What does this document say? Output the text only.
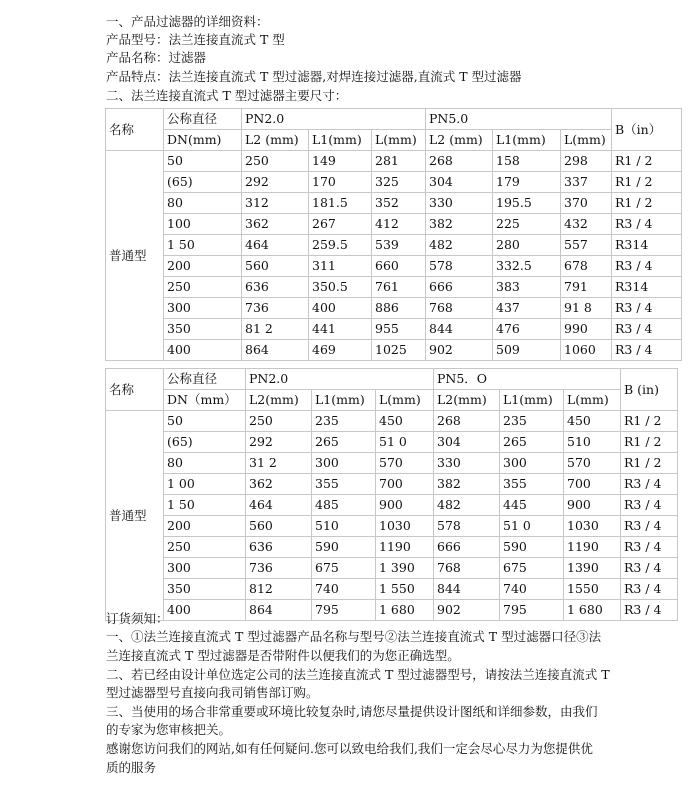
一、产品过滤器的详细资料：
产品型号：法兰连接直流式 T 型
产品名称：过滤器
产品特点：法兰连接直流式 T 型过滤器,对焊连接过滤器,直流式 T 型过滤器
二、法兰连接直流式 T 型过滤器主要尺寸：
名称	公称直径	PN2.0			PN5.0			B（in）
	DN(mm)	L2 (mm)	L1(mm)	L(mm)	L2 (mm)	L1(mm)	L(mm)	
普通型	50	250	149	281	268	158	298	R1 / 2
	(65)	292	170	325	304	179	337	R1 / 2
	80	312	181.5	352	330	195.5	370	R1 / 2
	100	362	267	412	382	225	432	R3 / 4
	1 50	464	259.5	539	482	280	557	R314
	200	560	311	660	578	332.5	678	R3 / 4
	250	636	350.5	761	666	383	791	R314
	300	736	400	886	768	437	91 8	R3 / 4
	350	81 2	441	955	844	476	990	R3 / 4
	400	864	469	1025	902	509	1060	R3 / 4
名称	公称直径	PN2.0			PN5．O			B (in)
	DN（mm）	L2(mm)	L1(mm)	L(mm)	L2(mm)	L1(mm)	L(mm)	
普通型	50	250	235	450	268	235	450	R1 / 2
	(65)	292	265	51 0	304	265	510	R1 / 2
	80	31 2	300	570	330	300	570	R1 / 2
	1 00	362	355	700	382	355	700	R3 / 4
	1 50	464	485	900	482	445	900	R3 / 4
	200	560	510	1030	578	51 0	1030	R3 / 4
	250	636	590	1190	666	590	1190	R3 / 4
	300	736	675	1 390	768	675	1390	R3 / 4
	350	812	740	1 550	844	740	1550	R3 / 4
	400	864	795	1 680	902	795	1 680	R3 / 4
订货须知：
一、①法兰连接直流式 T 型过滤器产品名称与型号②法兰连接直流式 T 型过滤器口径③法
兰连接直流式 T 型过滤器是否带附件以便我们的为您正确选型。
二、若已经由设计单位选定公司的法兰连接直流式 T 型过滤器型号，请按法兰连接直流式 T
型过滤器型号直接向我司销售部订购。
三、当使用的场合非常重要或环境比较复杂时,请您尽量提供设计图纸和详细参数，由我们
的专家为您审核把关。
感谢您访问我们的网站,如有任何疑问.您可以致电给我们,我们一定会尽心尽力为您提供优
质的服务
